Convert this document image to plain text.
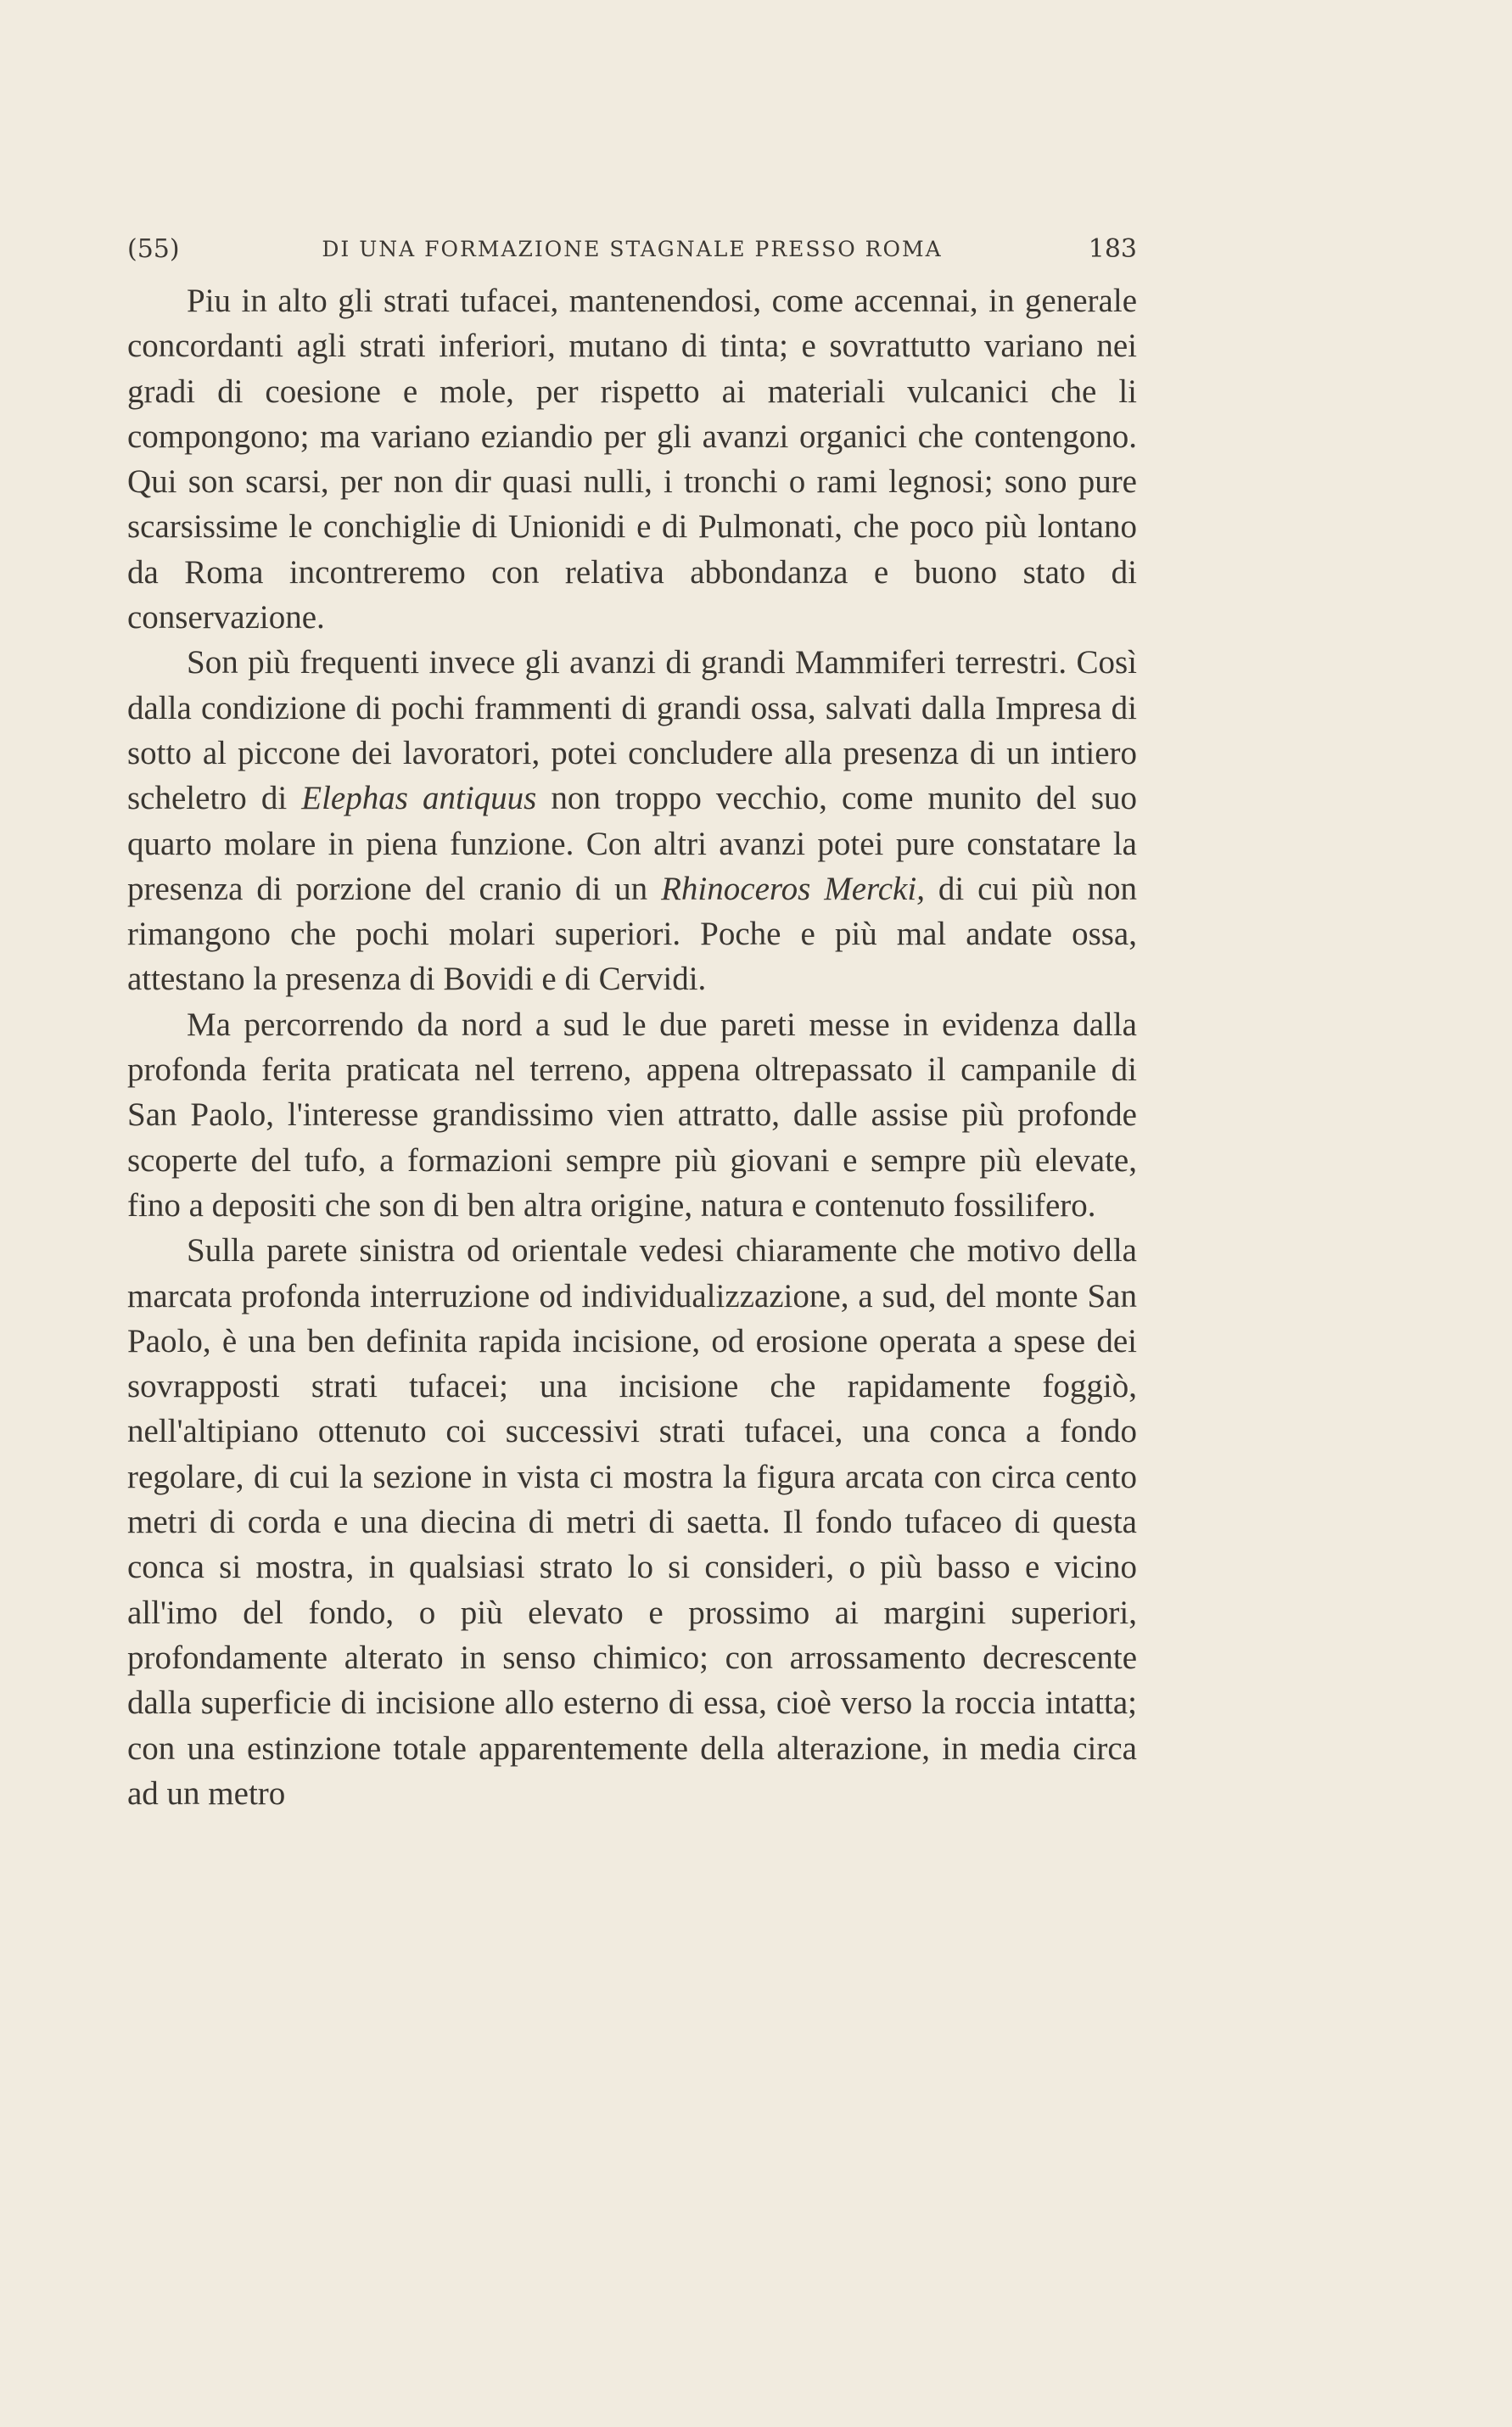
(55)	DI UNA FORMAZIONE STAGNALE PRESSO ROMA	183

Piu in alto gli strati tufacei, mantenendosi, come accennai, in generale concordanti agli strati inferiori, mutano di tinta; e sovrattutto variano nei gradi di coesione e mole, per rispetto ai materiali vulcanici che li compongono; ma variano eziandio per gli avanzi organici che contengono. Qui son scarsi, per non dir quasi nulli, i tronchi o rami legnosi; sono pure scarsissime le conchiglie di Unionidi e di Pulmonati, che poco più lontano da Roma incontreremo con relativa abbondanza e buono stato di conservazione.

Son più frequenti invece gli avanzi di grandi Mammiferi terrestri. Così dalla condizione di pochi frammenti di grandi ossa, salvati dalla Impresa di sotto al piccone dei lavoratori, potei concludere alla presenza di un intiero scheletro di Elephas antiquus non troppo vecchio, come munito del suo quarto molare in piena funzione. Con altri avanzi potei pure constatare la presenza di porzione del cranio di un Rhinoceros Mercki, di cui più non rimangono che pochi molari superiori. Poche e più mal andate ossa, attestano la presenza di Bovidi e di Cervidi.

Ma percorrendo da nord a sud le due pareti messe in evidenza dalla profonda ferita praticata nel terreno, appena oltrepassato il campanile di San Paolo, l'interesse grandissimo vien attratto, dalle assise più profonde scoperte del tufo, a formazioni sempre più giovani e sempre più elevate, fino a depositi che son di ben altra origine, natura e contenuto fossilifero.

Sulla parete sinistra od orientale vedesi chiaramente che motivo della marcata profonda interruzione od individualizzazione, a sud, del monte San Paolo, è una ben definita rapida incisione, od erosione operata a spese dei sovrapposti strati tufacei; una incisione che rapidamente foggiò, nell'altipiano ottenuto coi successivi strati tufacei, una conca a fondo regolare, di cui la sezione in vista ci mostra la figura arcata con circa cento metri di corda e una diecina di metri di saetta. Il fondo tufaceo di questa conca si mostra, in qualsiasi strato lo si consideri, o più basso e vicino all'imo del fondo, o più elevato e prossimo ai margini superiori, profondamente alterato in senso chimico; con arrossamento decrescente dalla superficie di incisione allo esterno di essa, cioè verso la roccia intatta; con una estinzione totale apparentemente della alterazione, in media circa ad un metro
